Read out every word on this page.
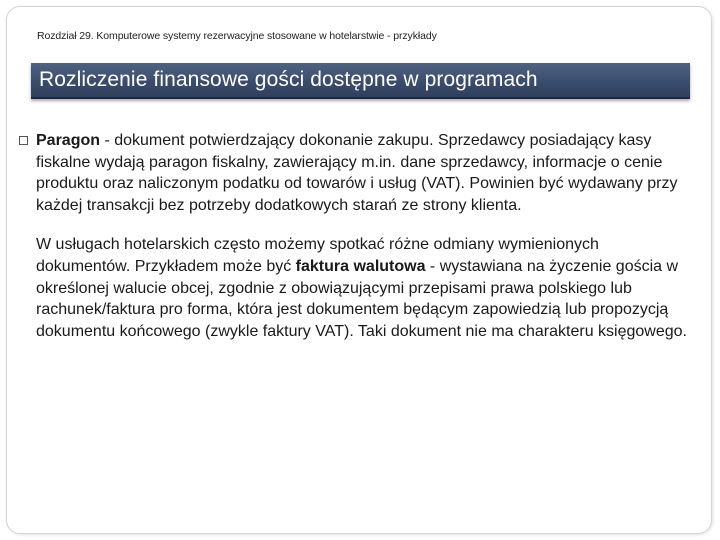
Rozdział 29. Komputerowe systemy rezerwacyjne stosowane w hotelarstwie - przykłady
Rozliczenie finansowe gości dostępne w programach

Paragon - dokument potwierdzający dokonanie zakupu. Sprzedawcy posiadający kasy fiskalne wydają paragon fiskalny, zawierający m.in. dane sprzedawcy, informacje o cenie produktu oraz naliczonym podatku od towarów i usług (VAT). Powinien być wydawany przy każdej transakcji bez potrzeby dodatkowych starań ze strony klienta.

W usługach hotelarskich często możemy spotkać różne odmiany wymienionych dokumentów. Przykładem może być faktura walutowa - wystawiana na życzenie gościa w określonej walucie obcej, zgodnie z obowiązującymi przepisami prawa polskiego lub rachunek/faktura pro forma, która jest dokumentem będącym zapowiedzią lub propozycją dokumentu końcowego (zwykle faktury VAT). Taki dokument nie ma charakteru księgowego.
